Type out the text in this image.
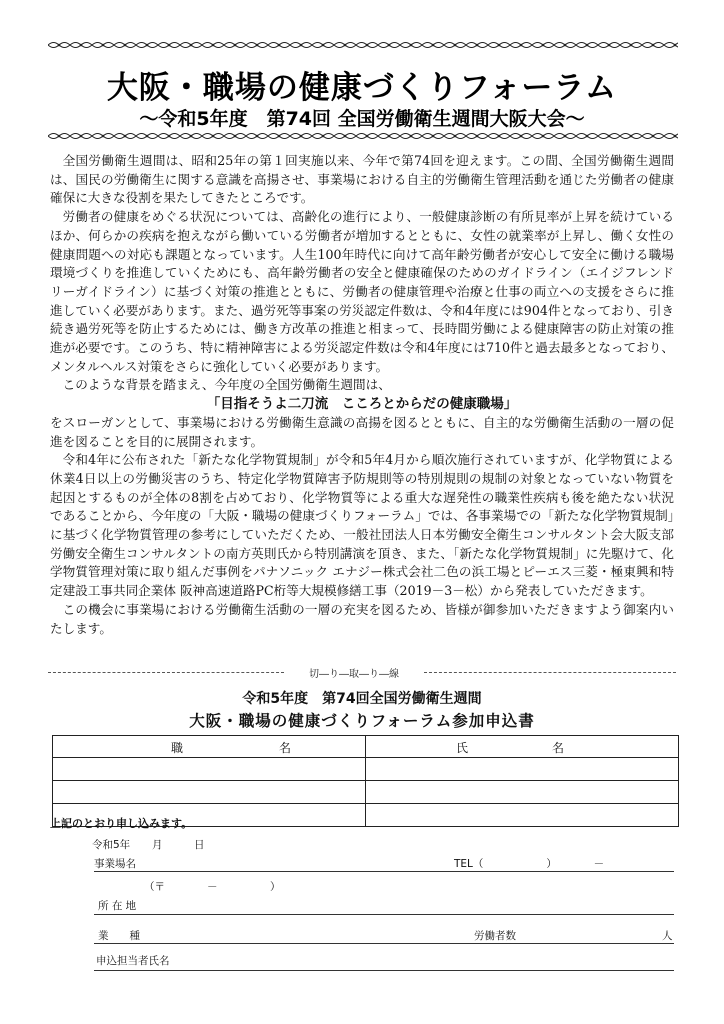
大阪・職場の健康づくりフォーラム
〜令和5年度　第74回 全国労働衛生週間大阪大会〜

全国労働衛生週間は、昭和25年の第１回実施以来、今年で第74回を迎えます。この間、全国労働衛生週間は、国民の労働衛生に関する意識を高揚させ、事業場における自主的労働衛生管理活動を通じた労働者の健康確保に大きな役割を果たしてきたところです。

労働者の健康をめぐる状況については、高齢化の進行により、一般健康診断の有所見率が上昇を続けているほか、何らかの疾病を抱えながら働いている労働者が増加するとともに、女性の就業率が上昇し、働く女性の健康問題への対応も課題となっています。人生100年時代に向けて高年齢労働者が安心して安全に働ける職場環境づくりを推進していくためにも、高年齢労働者の安全と健康確保のためのガイドライン（エイジフレンドリーガイドライン）に基づく対策の推進とともに、労働者の健康管理や治療と仕事の両立への支援をさらに推進していく必要があります。また、過労死等事案の労災認定件数は、令和4年度には904件となっており、引き続き過労死等を防止するためには、働き方改革の推進と相まって、長時間労働による健康障害の防止対策の推進が必要です。このうち、特に精神障害による労災認定件数は令和4年度には710件と過去最多となっており、メンタルヘルス対策をさらに強化していく必要があります。

このような背景を踏まえ、今年度の全国労働衛生週間は、

「目指そうよ二刀流　こころとからだの健康職場」

をスローガンとして、事業場における労働衛生意識の高揚を図るとともに、自主的な労働衛生活動の一層の促進を図ることを目的に展開されます。

令和4年に公布された「新たな化学物質規制」が令和5年4月から順次施行されていますが、化学物質による休業4日以上の労働災害のうち、特定化学物質障害予防規則等の特別規則の規制の対象となっていない物質を起因とするものが全体の8割を占めており、化学物質等による重大な遅発性の職業性疾病も後を絶たない状況であることから、今年度の「大阪・職場の健康づくりフォーラム」では、各事業場での「新たな化学物質規制」に基づく化学物質管理の参考にしていただくため、一般社団法人日本労働安全衛生コンサルタント会大阪支部 労働安全衛生コンサルタントの南方英則氏から特別講演を頂き、また、「新たな化学物質規制」に先駆けて、化学物質管理対策に取り組んだ事例をパナソニック エナジー株式会社二色の浜工場とピーエス三菱・極東興和特定建設工事共同企業体 阪神高速道路PC桁等大規模修繕工事（2019－3－松）から発表していただきます。

この機会に事業場における労働衛生活動の一層の充実を図るため、皆様が御参加いただきますよう御案内いたします。

切―り―取―り―線
令和5年度　第74回全国労働衛生週間
大阪・職場の健康づくりフォーラム参加申込書
職　　　　　　　　名	氏　　　　　　　名

上記のとおり申し込みます。
令和5年 月	日
事業場名	TEL（　　　　　　）　　　　－
（〒　　　　－　　　　　）
所 在 地
業　　種	労働者数	人
申込担当者氏名
